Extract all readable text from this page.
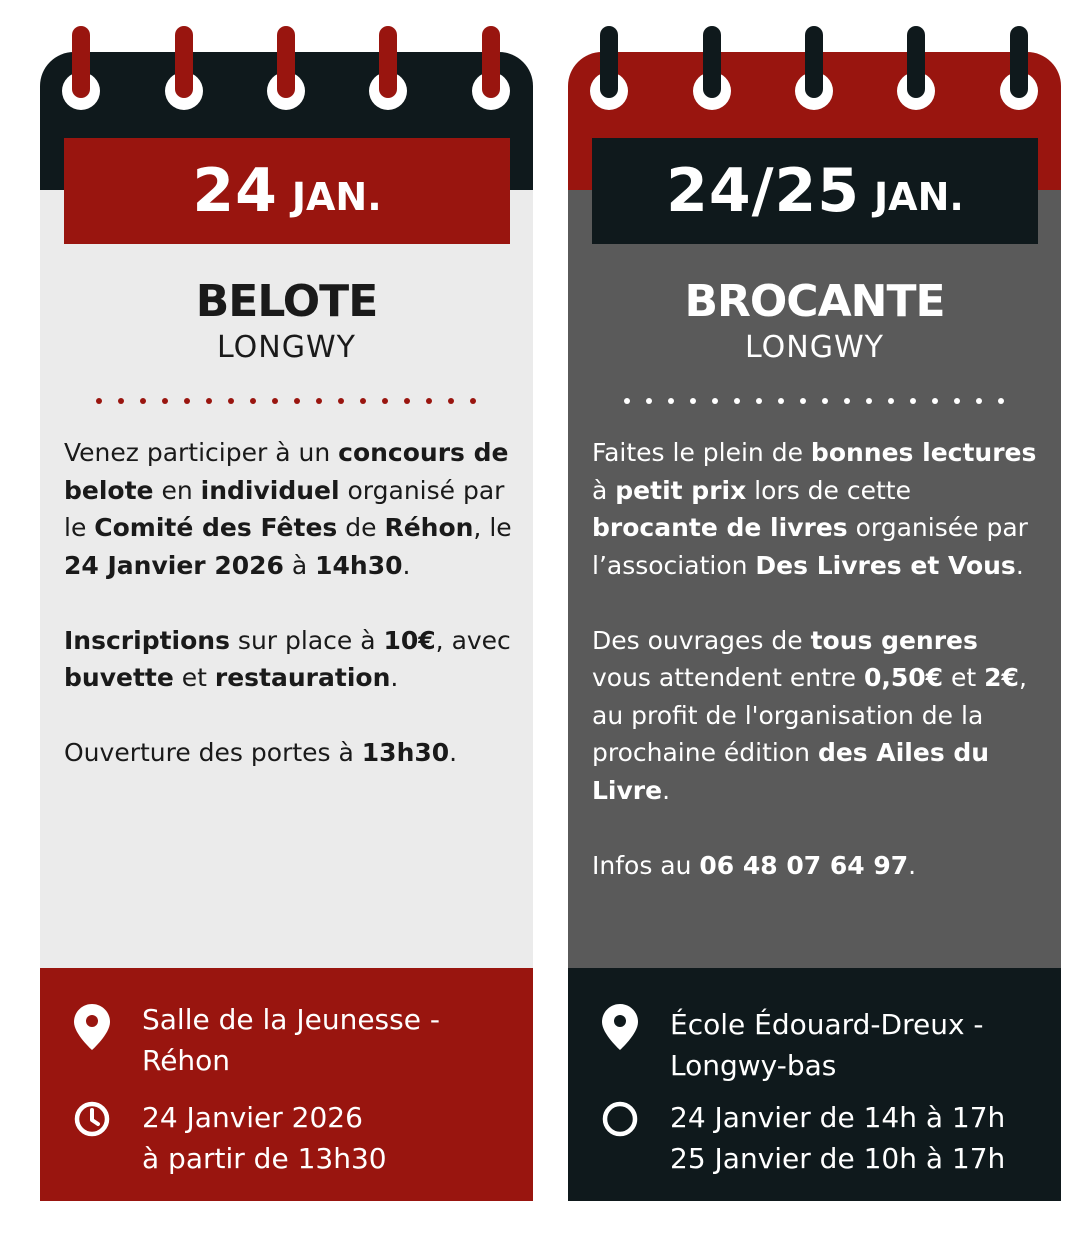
24 JAN.
BELOTE
LONGWY

Venez participer à un concours de belote en individuel organisé par le Comité des Fêtes de Réhon, le 24 Janvier 2026 à 14h30.

Inscriptions sur place à 10€, avec buvette et restauration.

Ouverture des portes à 13h30.

Salle de la Jeunesse -
Réhon
24 Janvier 2026
à partir de 13h30
24/25 JAN.
BROCANTE
LONGWY

Faites le plein de bonnes lectures à petit prix lors de cette brocante de livres organisée par l’association Des Livres et Vous.

Des ouvrages de tous genres vous attendent entre 0,50€ et 2€, au profit de l'organisation de la prochaine édition des Ailes du Livre.

Infos au 06 48 07 64 97.

École Édouard-Dreux -
Longwy-bas
24 Janvier de 14h à 17h
25 Janvier de 10h à 17h
